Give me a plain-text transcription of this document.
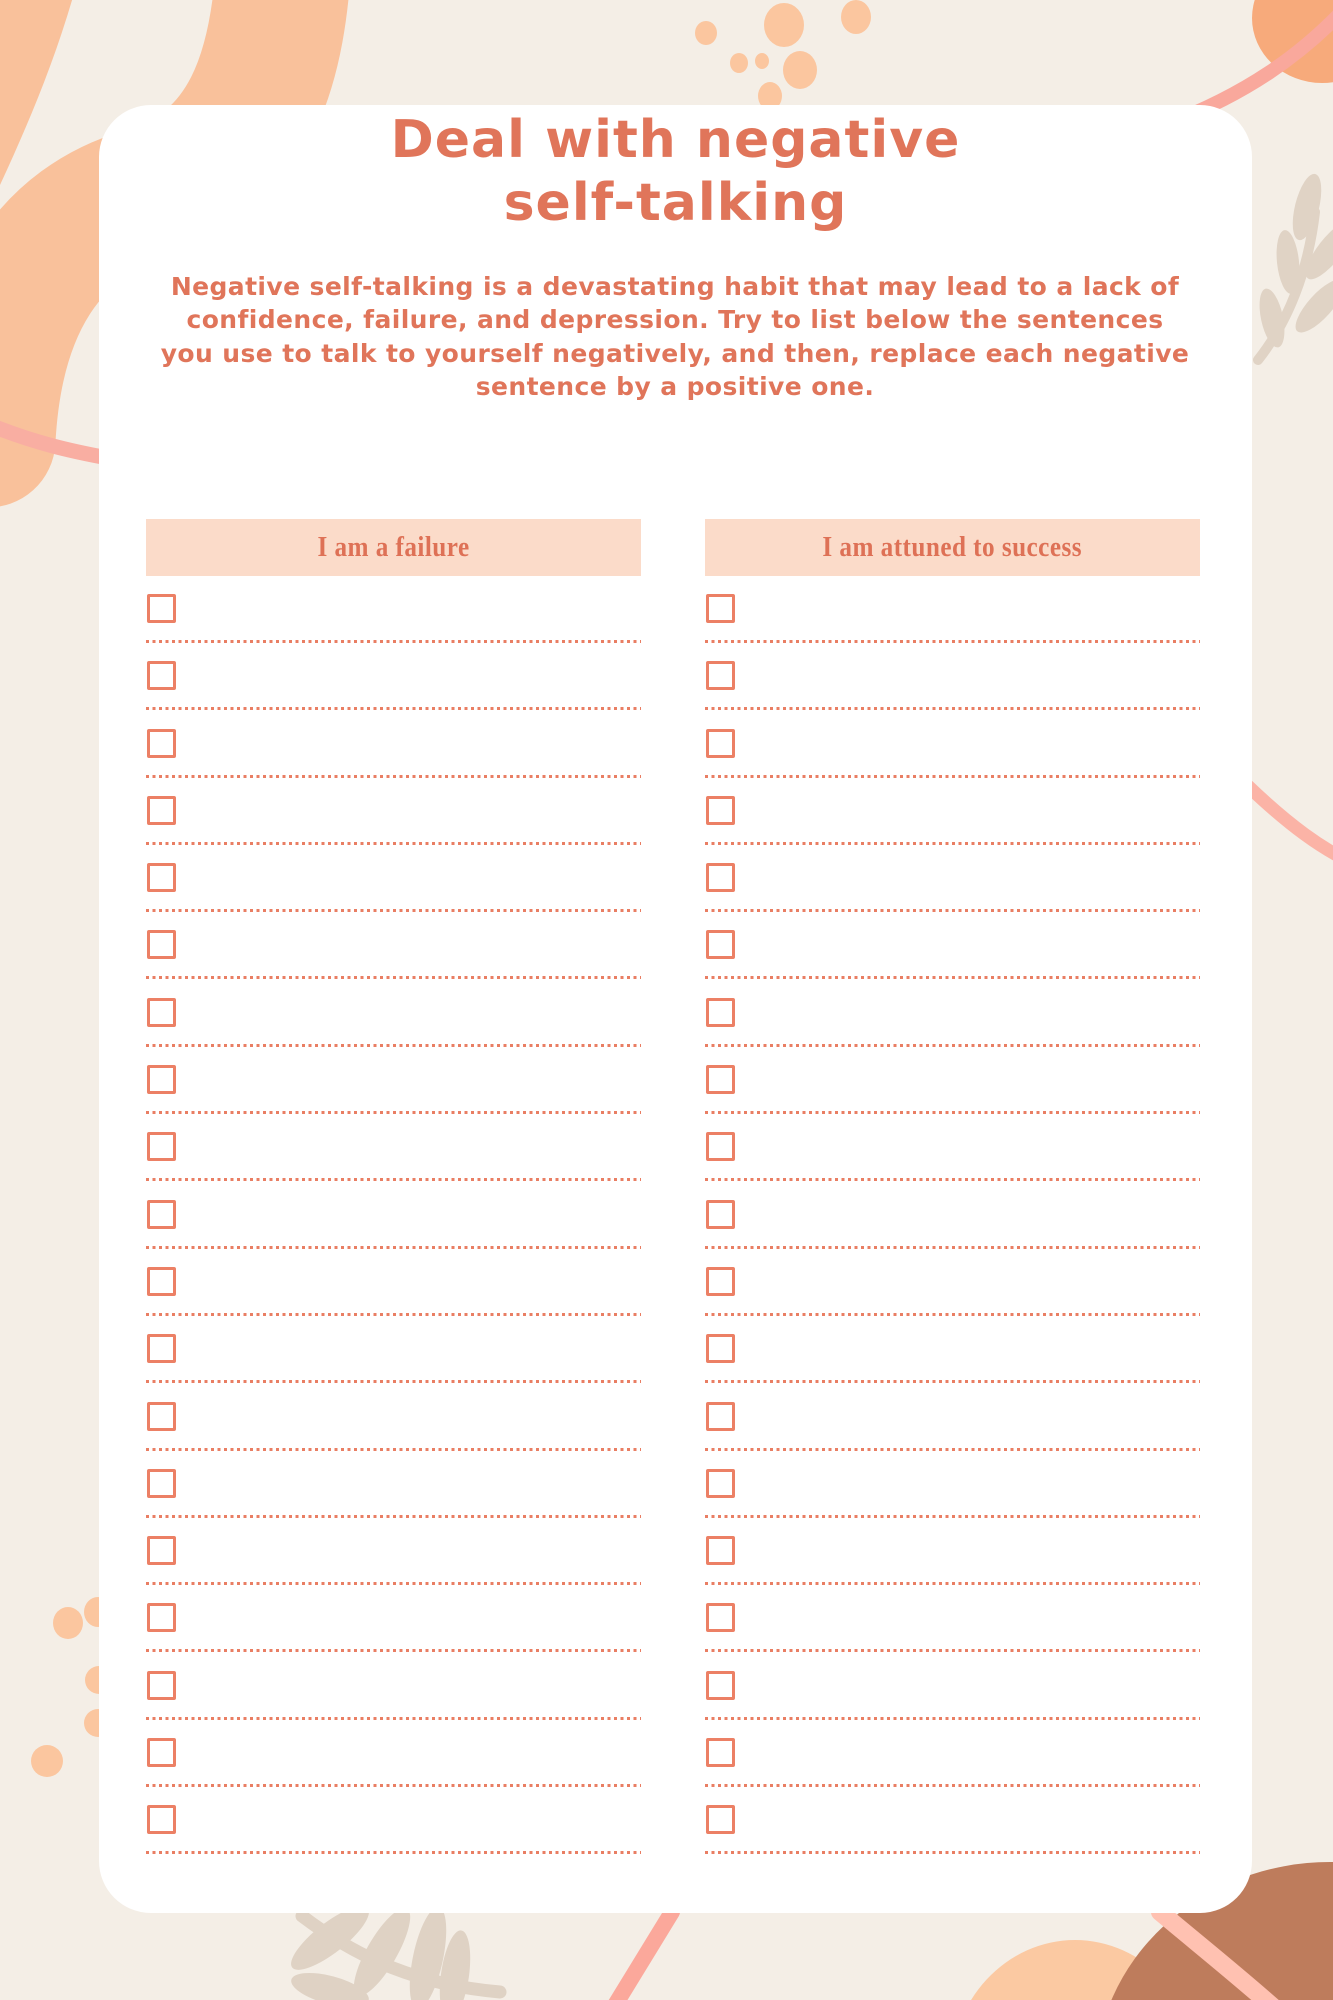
Deal with negative self-talking

Negative self-talking is a devastating habit that may lead to a lack of confidence, failure, and depression. Try to list below the sentences you use to talk to yourself negatively, and then, replace each negative sentence by a positive one.

I am a failure	I am attuned to success
